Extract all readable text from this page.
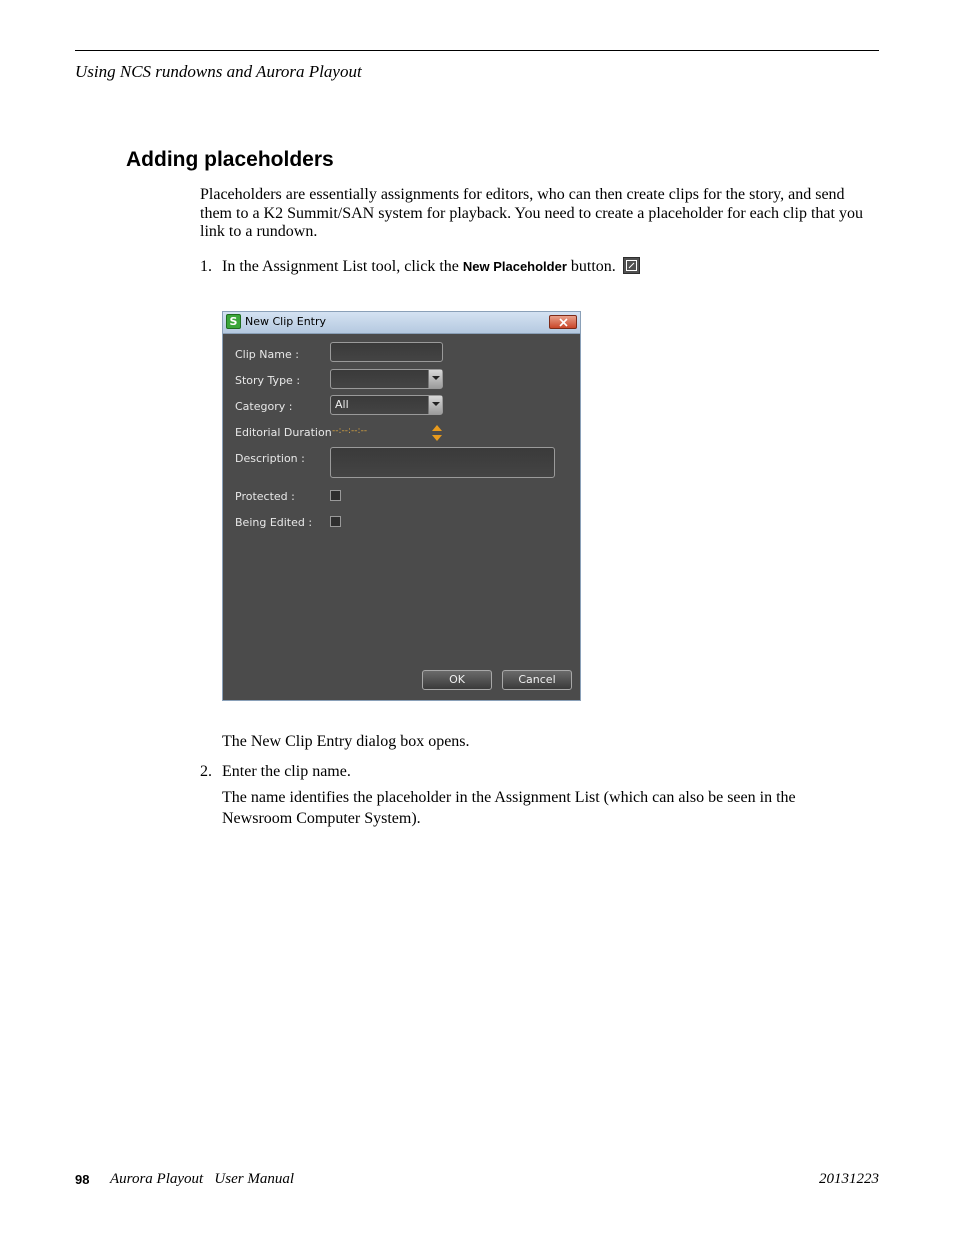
Using NCS rundowns and Aurora Playout
Adding placeholders
Placeholders are essentially assignments for editors, who can then create clips for the story, and send them to a K2 Summit/SAN system for playback. You need to create a placeholder for each clip that you link to a rundown.
1. In the Assignment List tool, click the New Placeholder button.
S New Clip Entry
Clip Name :
Story Type :
Category :	All
Editorial Duration --:--:--:--
Description :
Protected :
Being Edited :
OK	Cancel
The New Clip Entry dialog box opens.
2. Enter the clip name.
The name identifies the placeholder in the Assignment List (which can also be seen in the Newsroom Computer System).
98 Aurora Playout   User Manual	20131223
